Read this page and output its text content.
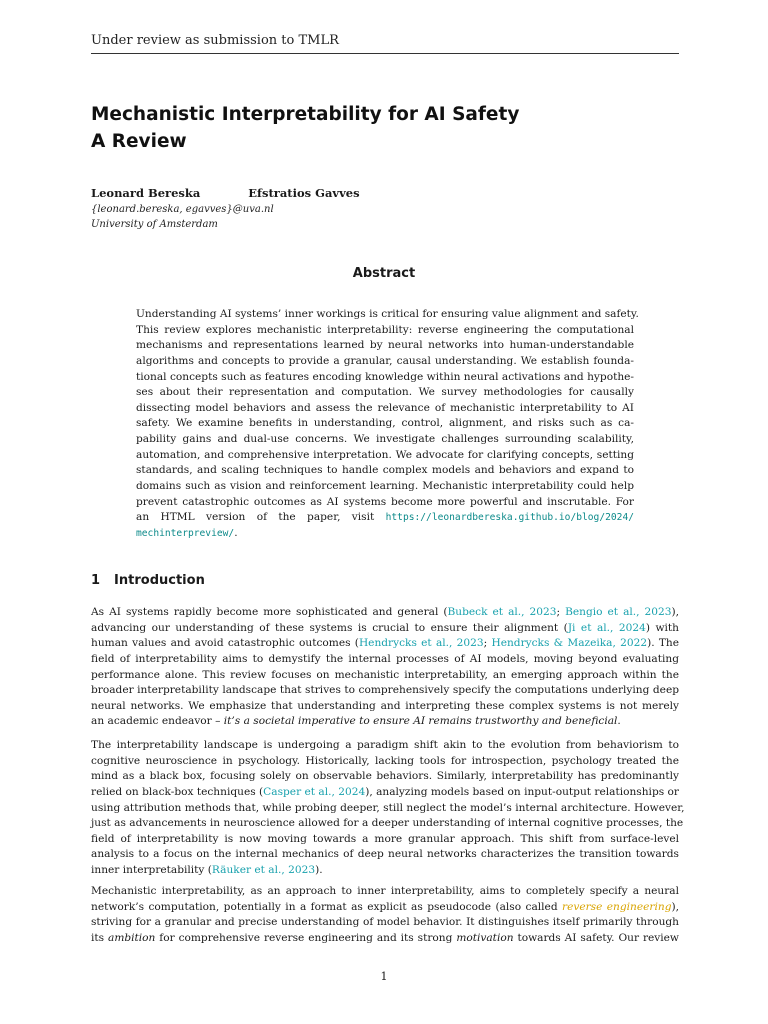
Under review as submission to TMLR
Mechanistic Interpretability for AI Safety
A Review
Leonard Bereska	Efstratios Gavves
{leonard.bereska, egavves}@uva.nl
University of Amsterdam
Abstract
Understanding AI systems’ inner workings is critical for ensuring value alignment and safety.
This review explores mechanistic interpretability: reverse engineering the computational
mechanisms and representations learned by neural networks into human-understandable
algorithms and concepts to provide a granular, causal understanding. We establish founda-
tional concepts such as features encoding knowledge within neural activations and hypothe-
ses about their representation and computation. We survey methodologies for causally
dissecting model behaviors and assess the relevance of mechanistic interpretability to AI
safety. We examine benefits in understanding, control, alignment, and risks such as ca-
pability gains and dual-use concerns. We investigate challenges surrounding scalability,
automation, and comprehensive interpretation. We advocate for clarifying concepts, setting
standards, and scaling techniques to handle complex models and behaviors and expand to
domains such as vision and reinforcement learning. Mechanistic interpretability could help
prevent catastrophic outcomes as AI systems become more powerful and inscrutable. For
an HTML version of the paper, visit https://leonardbereska.github.io/blog/2024/
mechinterpreview/.
1 Introduction
As AI systems rapidly become more sophisticated and general (Bubeck et al., 2023; Bengio et al., 2023),
advancing our understanding of these systems is crucial to ensure their alignment (Ji et al., 2024) with
human values and avoid catastrophic outcomes (Hendrycks et al., 2023; Hendrycks & Mazeika, 2022). The
field of interpretability aims to demystify the internal processes of AI models, moving beyond evaluating
performance alone. This review focuses on mechanistic interpretability, an emerging approach within the
broader interpretability landscape that strives to comprehensively specify the computations underlying deep
neural networks. We emphasize that understanding and interpreting these complex systems is not merely
an academic endeavor – it’s a societal imperative to ensure AI remains trustworthy and beneficial.
The interpretability landscape is undergoing a paradigm shift akin to the evolution from behaviorism to
cognitive neuroscience in psychology. Historically, lacking tools for introspection, psychology treated the
mind as a black box, focusing solely on observable behaviors. Similarly, interpretability has predominantly
relied on black-box techniques (Casper et al., 2024), analyzing models based on input-output relationships or
using attribution methods that, while probing deeper, still neglect the model’s internal architecture. However,
just as advancements in neuroscience allowed for a deeper understanding of internal cognitive processes, the
field of interpretability is now moving towards a more granular approach. This shift from surface-level
analysis to a focus on the internal mechanics of deep neural networks characterizes the transition towards
inner interpretability (Räuker et al., 2023).
Mechanistic interpretability, as an approach to inner interpretability, aims to completely specify a neural
network’s computation, potentially in a format as explicit as pseudocode (also called reverse engineering),
striving for a granular and precise understanding of model behavior. It distinguishes itself primarily through
its ambition for comprehensive reverse engineering and its strong motivation towards AI safety. Our review
1
